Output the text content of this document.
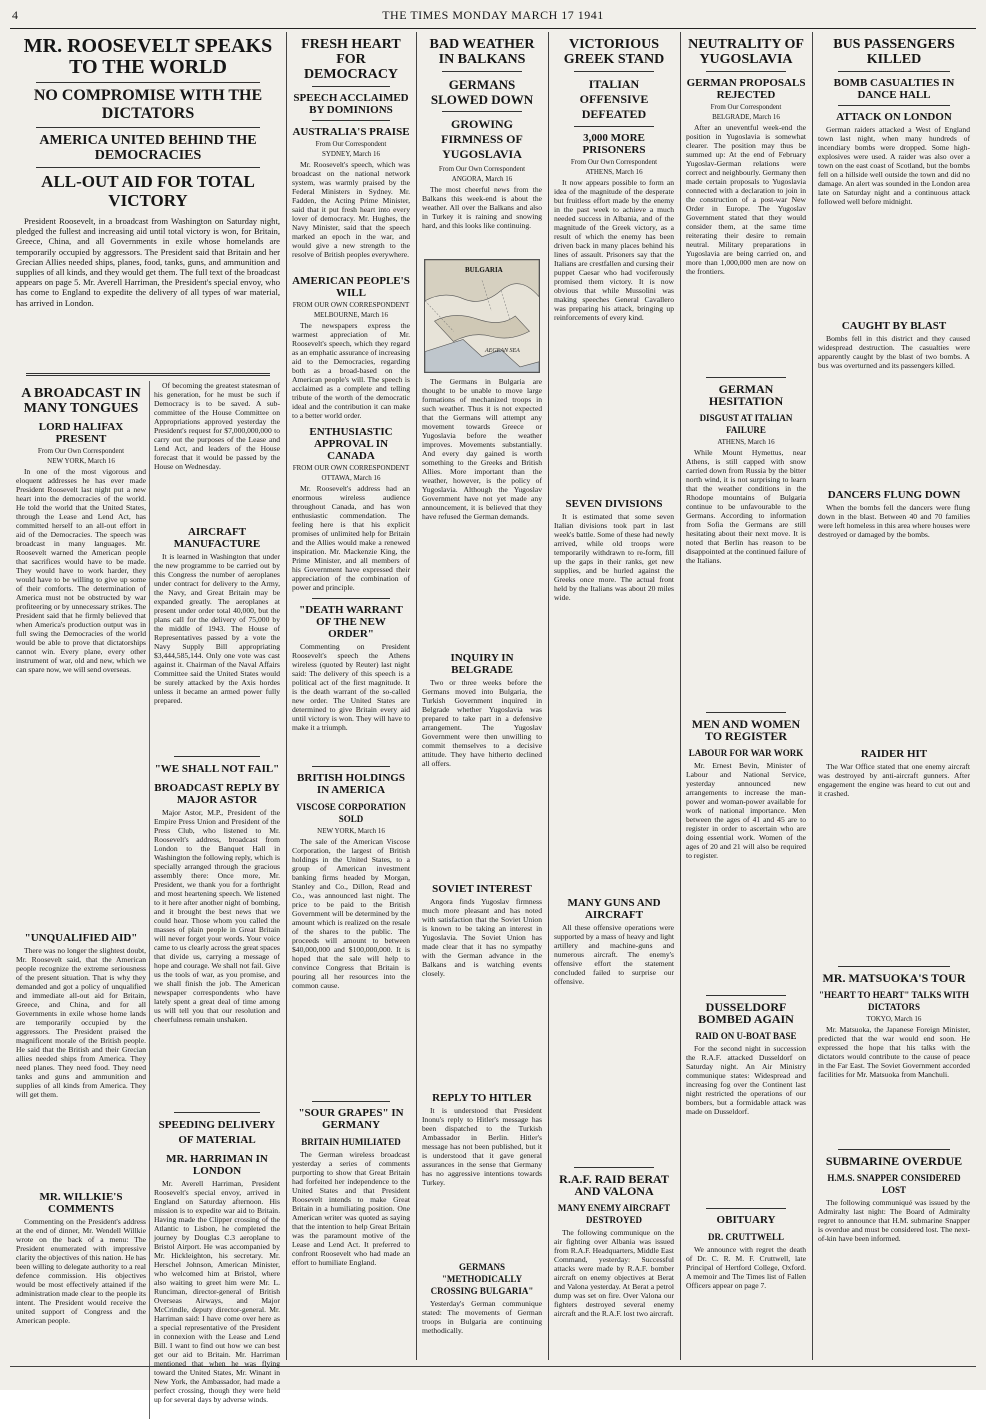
4	THE TIMES MONDAY MARCH 17 1941
MR. ROOSEVELT SPEAKS TO THE WORLD
NO COMPROMISE WITH THE DICTATORS
AMERICA UNITED BEHIND THE DEMOCRACIES
ALL-OUT AID FOR TOTAL VICTORY

President Roosevelt, in a broadcast from Washington on Saturday night, pledged the fullest and increasing aid until total victory is won, for Britain, Greece, China, and all Governments in exile whose homelands are temporarily occupied by aggressors. The President said that Britain and her Grecian Allies needed ships, planes, food, tanks, guns, and ammunition and supplies of all kinds, and they would get them. The full text of the broadcast appears on page 5. Mr. Averell Harriman, the President's special envoy, who has come to England to expedite the delivery of all types of war material, has arrived in London.

A BROADCAST IN MANY TONGUES
LORD HALIFAX PRESENT
From Our Own Correspondent
NEW YORK, March 16

In one of the most vigorous and eloquent addresses he has ever made President Roosevelt last night put a new heart into the democracies of the world. He told the world that the United States, through the Lease and Lend Act, has committed herself to an all-out effort in aid of the Democracies. The speech was broadcast in many languages. Mr. Roosevelt warned the American people that sacrifices would have to be made. They would have to work harder, they would have to be willing to give up some of their comforts. The determination of America must not be obstructed by war profiteering or by unnecessary strikes. The President said that he firmly believed that when America's production output was in full swing the Democracies of the world would be able to prove that dictatorships cannot win. Every plane, every other instrument of war, old and new, which we can spare now, we will send overseas.

"UNQUALIFIED AID"

There was no longer the slightest doubt, Mr. Roosevelt said, that the American people recognize the extreme seriousness of the present situation. That is why they demanded and got a policy of unqualified and immediate all-out aid for Britain, Greece, and China, and for all Governments in exile whose home lands are temporarily occupied by the aggressors. The President praised the magnificent morale of the British people. He said that the British and their Grecian allies needed ships from America. They need planes. They need food. They need tanks and guns and ammunition and supplies of all kinds from America. They will get them.

MR. WILLKIE'S COMMENTS

Commenting on the President's address at the end of dinner, Mr. Wendell Willkie wrote on the back of a menu: The President enumerated with impressive clarity the objectives of this nation. He has been willing to delegate authority to a real defence commission. His objectives would be most effectively attained if the administration made clear to the people its intent. The President would receive the united support of Congress and the American people.

Of becoming the greatest statesman of his generation, for he must be such if Democracy is to be saved. A sub-committee of the House Committee on Appropriations approved yesterday the President's request for $7,000,000,000 to carry out the purposes of the Lease and Lend Act, and leaders of the House forecast that it would be passed by the House on Wednesday.

AIRCRAFT MANUFACTURE

It is learned in Washington that under the new programme to be carried out by this Congress the number of aeroplanes under contract for delivery to the Army, the Navy, and Great Britain may be expanded greatly. The aeroplanes at present under order total 40,000, but the plans call for the delivery of 75,000 by the middle of 1943. The House of Representatives passed by a vote the Navy Supply Bill appropriating $3,444,585,144. Only one vote was cast against it. Chairman of the Naval Affairs Committee said the United States would be surely attacked by the Axis hordes unless it became an armed power fully prepared.

"WE SHALL NOT FAIL"
BROADCAST REPLY BY MAJOR ASTOR

Major Astor, M.P., President of the Empire Press Union and President of the Press Club, who listened to Mr. Roosevelt's address, broadcast from London to the Banquet Hall in Washington the following reply, which is specially arranged through the gracious assembly there: Once more, Mr. President, we thank you for a forthright and most heartening speech. We listened to it here after another night of bombing, and it brought the best news that we could hear. Those whom you called the masses of plain people in Great Britain will never forget your words. Your voice came to us clearly across the great spaces that divide us, carrying a message of hope and courage. We shall not fail. Give us the tools of war, as you promise, and we shall finish the job. The American newspaper correspondents who have lately spent a great deal of time among us will tell you that our resolution and cheerfulness remain unshaken.

SPEEDING DELIVERY OF MATERIAL
MR. HARRIMAN IN LONDON

Mr. Averell Harriman, President Roosevelt's special envoy, arrived in England on Saturday afternoon. His mission is to expedite war aid to Britain. Having made the Clipper crossing of the Atlantic to Lisbon, he completed the journey by Douglas C.3 aeroplane to Bristol Airport. He was accompanied by Mr. Hickleighton, his secretary. Mr. Herschel Johnson, American Minister, who welcomed him at Bristol, where also waiting to greet him were Mr. L. Runciman, director-general of British Overseas Airways, and Major McCrindle, deputy director-general. Mr. Harriman said: I have come over here as a special representative of the President in connexion with the Lease and Lend Bill. I want to find out how we can best get our aid to Britain. Mr. Harriman mentioned that when he was flying toward the United States, Mr. Winant in New York, the Ambassador, had made a perfect crossing, though they were held up for several days by adverse winds.

FRESH HEART FOR DEMOCRACY
SPEECH ACCLAIMED BY DOMINIONS
AUSTRALIA'S PRAISE
From Our Correspondent
SYDNEY, March 16

Mr. Roosevelt's speech, which was broadcast on the national network system, was warmly praised by the Federal Ministers in Sydney. Mr. Fadden, the Acting Prime Minister, said that it put fresh heart into every lover of democracy. Mr. Hughes, the Navy Minister, said that the speech marked an epoch in the war, and would give a new strength to the resolve of British peoples everywhere.

AMERICAN PEOPLE'S WILL
FROM OUR OWN CORRESPONDENT
MELBOURNE, March 16

The newspapers express the warmest appreciation of Mr. Roosevelt's speech, which they regard as an emphatic assurance of increasing aid to the Democracies, regarding both as a broad-based on the American people's will. The speech is acclaimed as a complete and telling tribute of the worth of the democratic ideal and the contribution it can make to a better world order.

ENTHUSIASTIC APPROVAL IN CANADA
FROM OUR OWN CORRESPONDENT
OTTAWA, March 16

Mr. Roosevelt's address had an enormous wireless audience throughout Canada, and has won enthusiastic commendation. The feeling here is that his explicit promises of unlimited help for Britain and the Allies would make a renewed inspiration. Mr. Mackenzie King, the Prime Minister, and all members of his Government have expressed their appreciation of the combination of power and principle.

"DEATH WARRANT OF THE NEW ORDER"

Commenting on President Roosevelt's speech the Athens wireless (quoted by Reuter) last night said: The delivery of this speech is a political act of the first magnitude. It is the death warrant of the so-called new order. The United States are determined to give Britain every aid until victory is won. They will have to make it a triumph.

BRITISH HOLDINGS IN AMERICA
VISCOSE CORPORATION SOLD
NEW YORK, March 16

The sale of the American Viscose Corporation, the largest of British holdings in the United States, to a group of American investment banking firms headed by Morgan, Stanley and Co., Dillon, Read and Co., was announced last night. The price to be paid to the British Government will be determined by the amount which is realized on the resale of the shares to the public. The proceeds will amount to between $40,000,000 and $100,000,000. It is hoped that the sale will help to convince Congress that Britain is pouring all her resources into the common cause.

"SOUR GRAPES" IN GERMANY
BRITAIN HUMILIATED

The German wireless broadcast yesterday a series of comments purporting to show that Great Britain had forfeited her independence to the United States and that President Roosevelt intends to make Great Britain in a humiliating position. One American writer was quoted as saying that the intention to help Great Britain was the paramount motive of the Lease and Lend Act. It preferred to confront Roosevelt who had made an effort to humiliate England.

BAD WEATHER IN BALKANS
GERMANS SLOWED DOWN
GROWING FIRMNESS OF YUGOSLAVIA
From Our Own Correspondent
ANGORA, March 16

The most cheerful news from the Balkans this week-end is about the weather. All over the Balkans and also in Turkey it is raining and snowing hard, and this looks like continuing.

BULGARIA
AEGEAN SEA

The Germans in Bulgaria are thought to be unable to move large formations of mechanized troops in such weather. Thus it is not expected that the Germans will attempt any movement towards Greece or Yugoslavia before the weather improves. Movements substantially. And every day gained is worth something to the Greeks and British Allies. More important than the weather, however, is the policy of Yugoslavia. Although the Yugoslav Government have not yet made any announcement, it is believed that they have refused the German demands.

INQUIRY IN BELGRADE

Two or three weeks before the Germans moved into Bulgaria, the Turkish Government inquired in Belgrade whether Yugoslavia was prepared to take part in a defensive arrangement. The Yugoslav Government were then unwilling to commit themselves to a decisive attitude. They have hitherto declined all offers.

SOVIET INTEREST

Angora finds Yugoslav firmness much more pleasant and has noted with satisfaction that the Soviet Union is known to be taking an interest in Yugoslavia. The Soviet Union has made clear that it has no sympathy with the German advance in the Balkans and is watching events closely.

REPLY TO HITLER

It is understood that President Inonu's reply to Hitler's message has been dispatched to the Turkish Ambassador in Berlin. Hitler's message has not been published, but it is understood that it gave general assurances in the sense that Germany has no aggressive intentions towards Turkey.

GERMANS "METHODICALLY CROSSING BULGARIA"

Yesterday's German communique stated: The movements of German troops in Bulgaria are continuing methodically.

VICTORIOUS GREEK STAND
ITALIAN OFFENSIVE DEFEATED
3,000 MORE PRISONERS
From Our Own Correspondent
ATHENS, March 16

It now appears possible to form an idea of the magnitude of the desperate but fruitless effort made by the enemy in the past week to achieve a much needed success in Albania, and of the magnitude of the Greek victory, as a result of which the enemy has been driven back in many places behind his lines of assault. Prisoners say that the Italians are crestfallen and cursing their puppet Caesar who had vociferously promised them victory. It is now obvious that while Mussolini was making speeches General Cavallero was preparing his attack, bringing up reinforcements of every kind.

SEVEN DIVISIONS

It is estimated that some seven Italian divisions took part in last week's battle. Some of these had newly arrived, while old troops were temporarily withdrawn to re-form, fill up the gaps in their ranks, get new supplies, and be hurled against the Greeks once more. The actual front held by the Italians was about 20 miles wide.

MANY GUNS AND AIRCRAFT

All these offensive operations were supported by a mass of heavy and light artillery and machine-guns and numerous aircraft. The enemy's offensive effort the statement concluded failed to surprise our offensive.

R.A.F. RAID BERAT AND VALONA
MANY ENEMY AIRCRAFT DESTROYED

The following communique on the air fighting over Albania was issued from R.A.F. Headquarters, Middle East Command, yesterday: Successful attacks were made by R.A.F. bomber aircraft on enemy objectives at Berat and Valona yesterday. At Berat a petrol dump was set on fire. Over Valona our fighters destroyed several enemy aircraft and the R.A.F. lost two aircraft.

NEUTRALITY OF YUGOSLAVIA
GERMAN PROPOSALS REJECTED
From Our Correspondent
BELGRADE, March 16

After an uneventful week-end the position in Yugoslavia is somewhat clearer. The position may thus be summed up: At the end of February Yugoslav-German relations were correct and neighbourly. Germany then made certain proposals to Yugoslavia connected with a declaration to join in the construction of a post-war New Order in Europe. The Yugoslav Government stated that they would consider them, at the same time reiterating their desire to remain neutral. Military preparations in Yugoslavia are being carried on, and more than 1,000,000 men are now on the frontiers.

GERMAN HESITATION
DISGUST AT ITALIAN FAILURE
ATHENS, March 16

While Mount Hymettus, near Athens, is still capped with snow carried down from Russia by the bitter north wind, it is not surprising to learn that the weather conditions in the Rhodope mountains of Bulgaria continue to be unfavourable to the Germans. According to information from Sofia the Germans are still hesitating about their next move. It is noted that Berlin has reason to be disappointed at the continued failure of the Italians.

MEN AND WOMEN TO REGISTER
LABOUR FOR WAR WORK

Mr. Ernest Bevin, Minister of Labour and National Service, yesterday announced new arrangements to increase the man-power and woman-power available for work of national importance. Men between the ages of 41 and 45 are to register in order to ascertain who are doing essential work. Women of the ages of 20 and 21 will also be required to register.

DUSSELDORF BOMBED AGAIN
RAID ON U-BOAT BASE

For the second night in succession the R.A.F. attacked Dusseldorf on Saturday night. An Air Ministry communique states: Widespread and increasing fog over the Continent last night restricted the operations of our bombers, but a formidable attack was made on Dusseldorf.

OBITUARY
DR. CRUTTWELL

We announce with regret the death of Dr. C. R. M. F. Cruttwell, late Principal of Hertford College, Oxford. A memoir and The Times list of Fallen Officers appear on page 7.

BUS PASSENGERS KILLED
BOMB CASUALTIES IN DANCE HALL
ATTACK ON LONDON

German raiders attacked a West of England town last night, when many hundreds of incendiary bombs were dropped. Some high-explosives were used. A raider was also over a town on the east coast of Scotland, but the bombs fell on a hillside well outside the town and did no damage. An alert was sounded in the London area late on Saturday night and a continuous attack followed well before midnight.

CAUGHT BY BLAST

Bombs fell in this district and they caused widespread destruction. The casualties were apparently caught by the blast of two bombs. A bus was overturned and its passengers killed.

DANCERS FLUNG DOWN

When the bombs fell the dancers were flung down in the blast. Between 40 and 70 families were left homeless in this area where houses were destroyed or damaged by the bombs.

RAIDER HIT

The War Office stated that one enemy aircraft was destroyed by anti-aircraft gunners. After engagement the engine was heard to cut out and it crashed.

MR. MATSUOKA'S TOUR
"HEART TO HEART" TALKS WITH DICTATORS
TOKYO, March 16

Mr. Matsuoka, the Japanese Foreign Minister, predicted that the war would end soon. He expressed the hope that his talks with the dictators would contribute to the cause of peace in the Far East. The Soviet Government accorded facilities for Mr. Matsuoka from Manchuli.

SUBMARINE OVERDUE
H.M.S. SNAPPER CONSIDERED LOST

The following communiqué was issued by the Admiralty last night: The Board of Admiralty regret to announce that H.M. submarine Snapper is overdue and must be considered lost. The next-of-kin have been informed.
